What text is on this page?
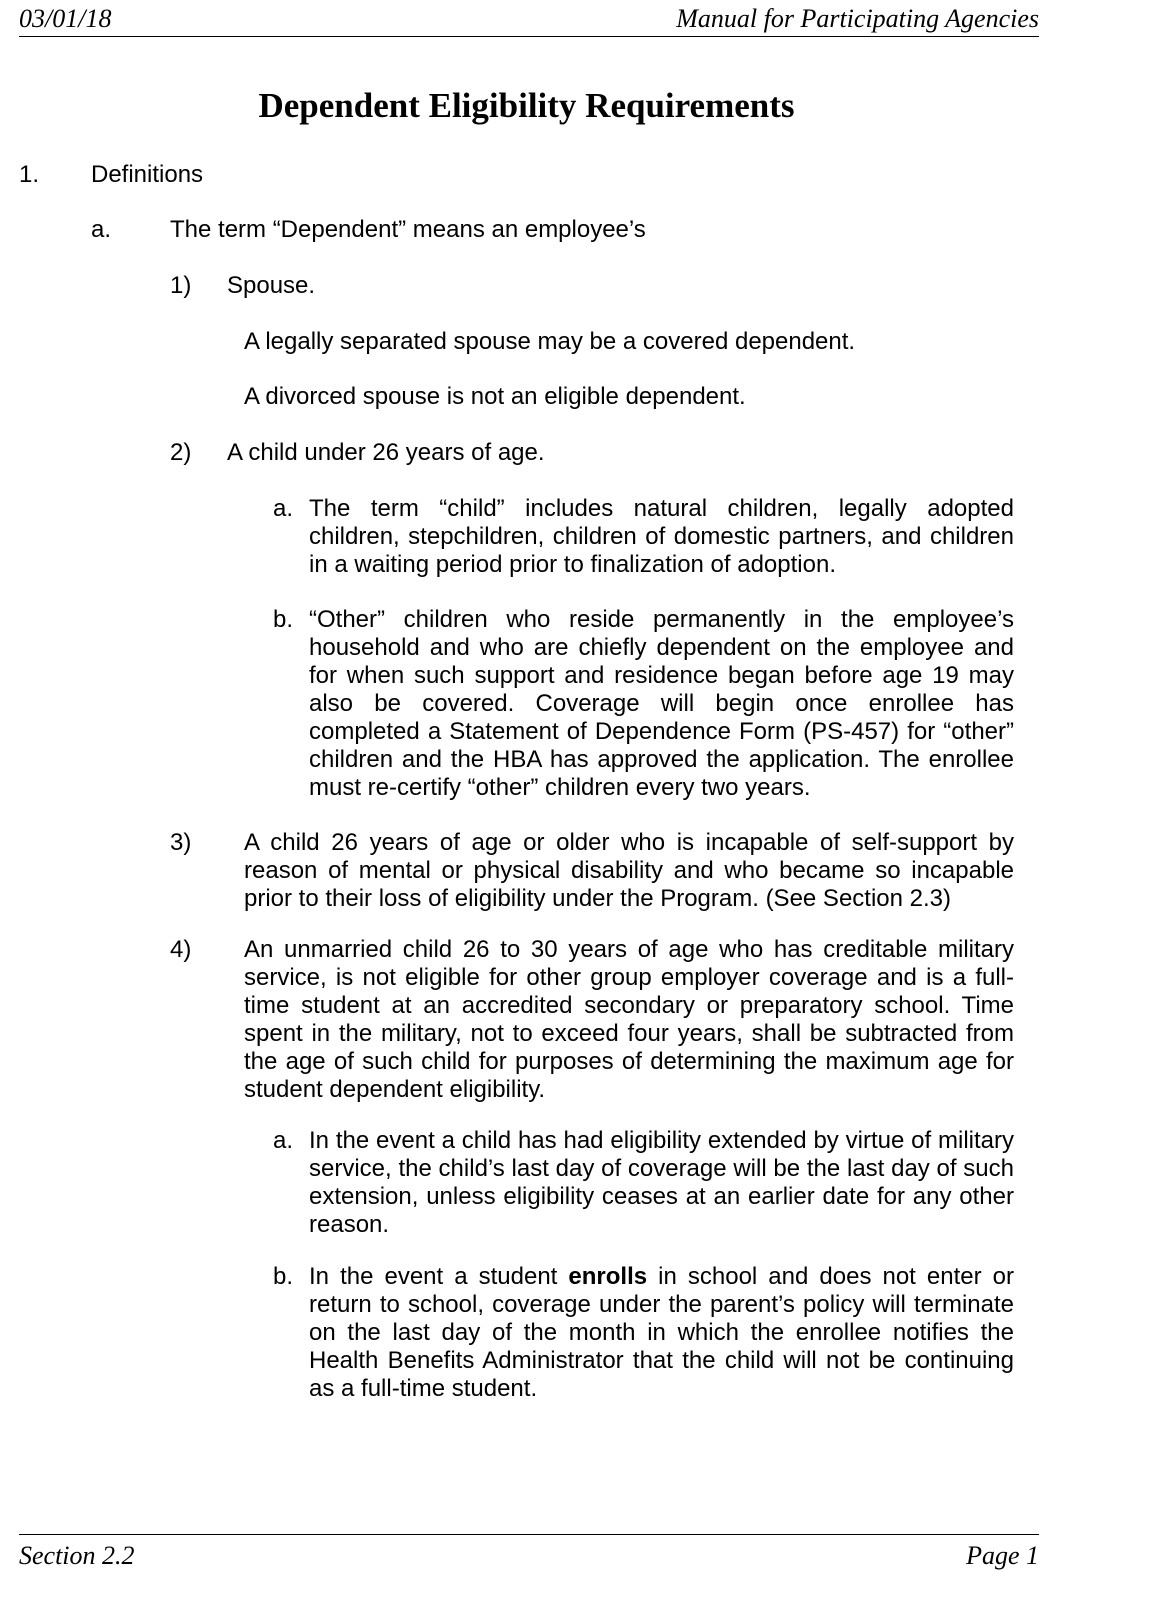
03/01/18	Manual for Participating Agencies
Dependent Eligibility Requirements
1. Definitions
a. The term “Dependent” means an employee’s
1) Spouse.
A legally separated spouse may be a covered dependent.
A divorced spouse is not an eligible dependent.
2) A child under 26 years of age.
a. The term “child” includes natural children, legally adopted children, stepchildren, children of domestic partners, and children in a waiting period prior to finalization of adoption.

b. “Other” children who reside permanently in the employee’s household and who are chiefly dependent on the employee and for when such support and residence began before age 19 may also be covered. Coverage will begin once enrollee has completed a Statement of Dependence Form (PS-457) for “other” children and the HBA has approved the application. The enrollee must re-certify “other” children every two years.

3) A child 26 years of age or older who is incapable of self-support by reason of mental or physical disability and who became so incapable prior to their loss of eligibility under the Program. (See Section 2.3)

4) An unmarried child 26 to 30 years of age who has creditable military service, is not eligible for other group employer coverage and is a full-time student at an accredited secondary or preparatory school. Time spent in the military, not to exceed four years, shall be subtracted from the age of such child for purposes of determining the maximum age for student dependent eligibility.

a. In the event a child has had eligibility extended by virtue of military service, the child’s last day of coverage will be the last day of such extension, unless eligibility ceases at an earlier date for any other reason.

b. In the event a student enrolls in school and does not enter or return to school, coverage under the parent’s policy will terminate on the last day of the month in which the enrollee notifies the Health Benefits Administrator that the child will not be continuing as a full-time student.

Section 2.2	Page 1
